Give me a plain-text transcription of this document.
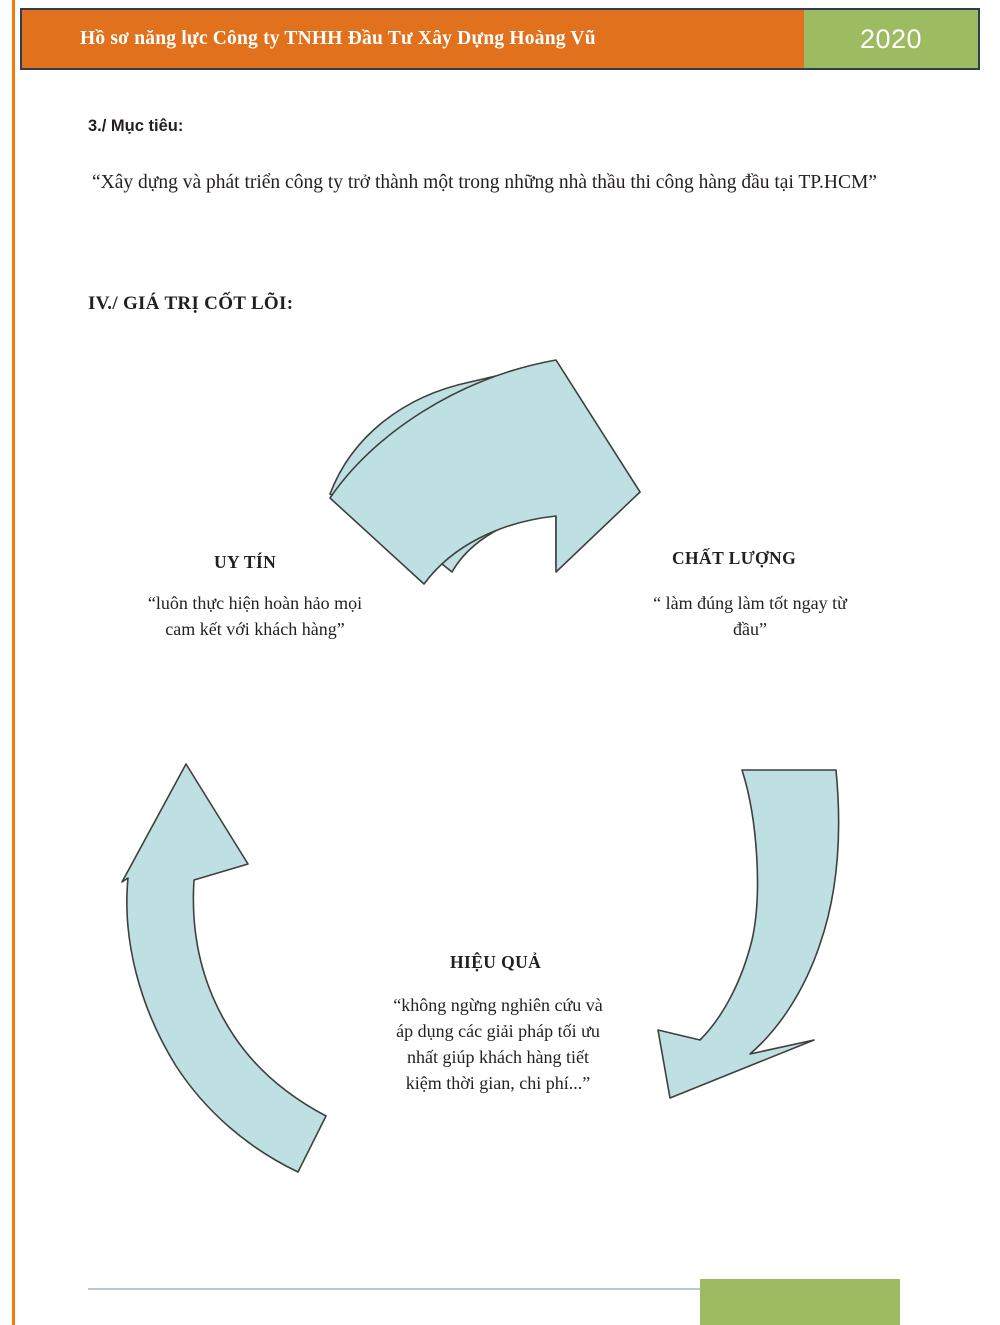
Hồ sơ năng lực Công ty TNHH Đầu Tư Xây Dựng Hoàng Vũ	2020
3./ Mục tiêu:
“Xây dựng và phát triển công ty trở thành một trong những nhà thầu thi công hàng đầu tại TP.HCM”
IV./ GIÁ TRỊ CỐT LÕI:
UY TÍN
“luôn thực hiện hoàn hảo mọi cam kết với khách hàng”
CHẤT LƯỢNG
“ làm đúng làm tốt ngay từ đầu”
HIỆU QUẢ
“không ngừng nghiên cứu và áp dụng các giải pháp tối ưu nhất giúp khách hàng tiết kiệm thời gian, chi phí...”
7
